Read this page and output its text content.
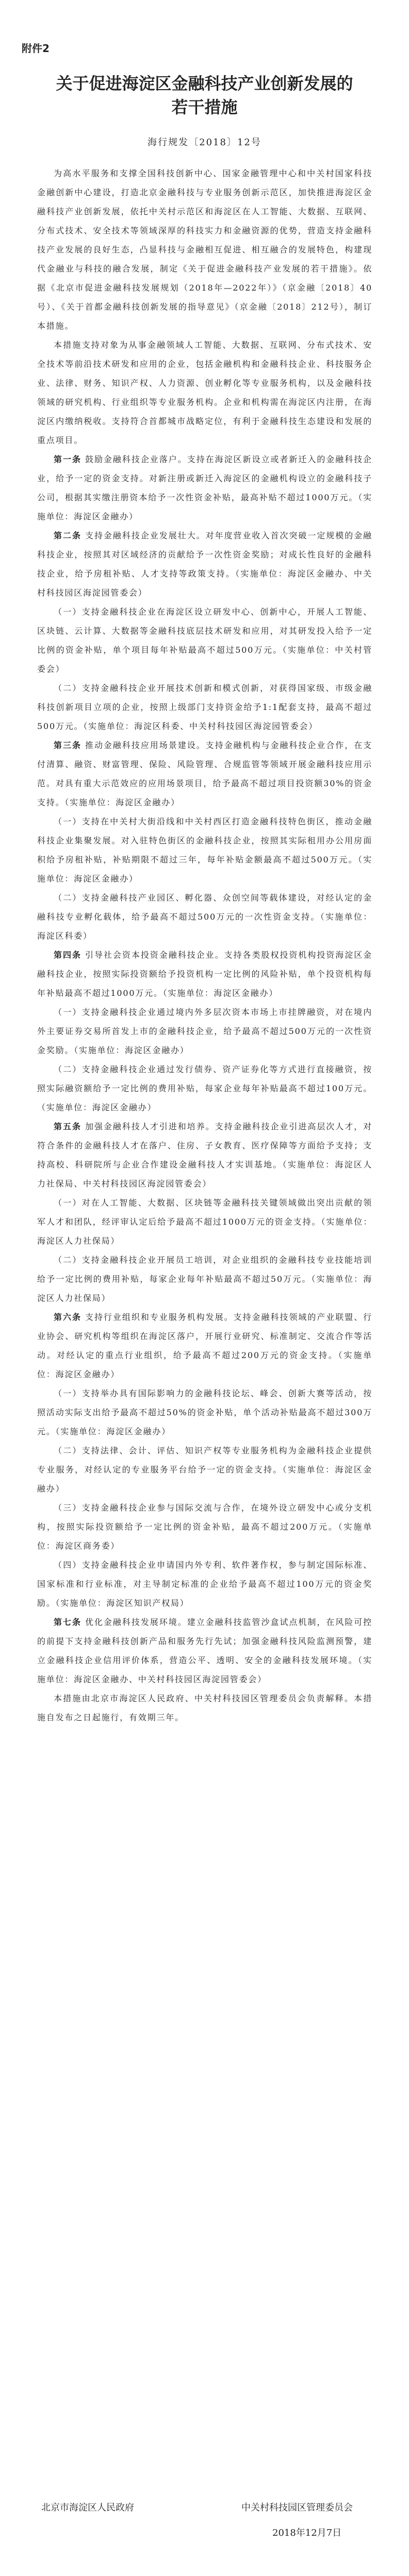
附件2
关于促进海淀区金融科技产业创新发展的
若干措施
海行规发〔2018〕12号

为高水平服务和支撑全国科技创新中心、国家金融管理中心和中关村国家科技金融创新中心建设，打造北京金融科技与专业服务创新示范区，加快推进海淀区金融科技产业创新发展，依托中关村示范区和海淀区在人工智能、大数据、互联网、分布式技术、安全技术等领域深厚的科技实力和金融资源的优势，营造支持金融科技产业发展的良好生态，凸显科技与金融相互促进、相互融合的发展特色，构建现代金融业与科技的融合发展，制定《关于促进金融科技产业发展的若干措施》。依据《北京市促进金融科技发展规划（2018年—2022年）》（京金融〔2018〕40号）、《关于首都金融科技创新发展的指导意见》（京金融〔2018〕212号），制订本措施。

本措施支持对象为从事金融领域人工智能、大数据、互联网、分布式技术、安全技术等前沿技术研发和应用的企业，包括金融机构和金融科技企业、科技服务企业、法律、财务、知识产权、人力资源、创业孵化等专业服务机构，以及金融科技领域的研究机构、行业组织等专业服务机构。企业和机构需在海淀区内注册，在海淀区内缴纳税收。支持符合首都城市战略定位，有利于金融科技生态建设和发展的重点项目。

第一条 鼓励金融科技企业落户。支持在海淀区新设立或者新迁入的金融科技企业，给予一定的资金支持。对新注册或新迁入海淀区的金融机构设立的金融科技子公司，根据其实缴注册资本给予一次性资金补贴，最高补贴不超过1000万元。（实施单位：海淀区金融办）

第二条 支持金融科技企业发展壮大。对年度营业收入首次突破一定规模的金融科技企业，按照其对区域经济的贡献给予一次性资金奖励；对成长性良好的金融科技企业，给予房租补贴、人才支持等政策支持。（实施单位：海淀区金融办、中关村科技园区海淀园管委会）

（一）支持金融科技企业在海淀区设立研发中心、创新中心，开展人工智能、区块链、云计算、大数据等金融科技底层技术研发和应用，对其研发投入给予一定比例的资金补贴，单个项目每年补贴最高不超过500万元。（实施单位：中关村管委会）

（二）支持金融科技企业开展技术创新和模式创新，对获得国家级、市级金融科技创新项目立项的企业，按照上级部门支持资金给予1:1配套支持，最高不超过500万元。（实施单位：海淀区科委、中关村科技园区海淀园管委会）

第三条 推动金融科技应用场景建设。支持金融机构与金融科技企业合作，在支付清算、融资、财富管理、保险、风险管理、合规监管等领域开展金融科技应用示范。对具有重大示范效应的应用场景项目，给予最高不超过项目投资额30%的资金支持。（实施单位：海淀区金融办）

（一）支持在中关村大街沿线和中关村西区打造金融科技特色街区，推动金融科技企业集聚发展。对入驻特色街区的金融科技企业，按照其实际租用办公用房面积给予房租补贴，补贴期限不超过三年，每年补贴金额最高不超过500万元。（实施单位：海淀区金融办）

（二）支持金融科技产业园区、孵化器、众创空间等载体建设，对经认定的金融科技专业孵化载体，给予最高不超过500万元的一次性资金支持。（实施单位：海淀区科委）

第四条 引导社会资本投资金融科技企业。支持各类股权投资机构投资海淀区金融科技企业，按照实际投资额给予投资机构一定比例的风险补贴，单个投资机构每年补贴最高不超过1000万元。（实施单位：海淀区金融办）

（一）支持金融科技企业通过境内外多层次资本市场上市挂牌融资，对在境内外主要证券交易所首发上市的金融科技企业，给予最高不超过500万元的一次性资金奖励。（实施单位：海淀区金融办）

（二）支持金融科技企业通过发行债券、资产证券化等方式进行直接融资，按照实际融资额给予一定比例的费用补贴，每家企业每年补贴最高不超过100万元。（实施单位：海淀区金融办）

第五条 加强金融科技人才引进和培养。支持金融科技企业引进高层次人才，对符合条件的金融科技人才在落户、住房、子女教育、医疗保障等方面给予支持；支持高校、科研院所与企业合作建设金融科技人才实训基地。（实施单位：海淀区人力社保局、中关村科技园区海淀园管委会）

（一）对在人工智能、大数据、区块链等金融科技关键领域做出突出贡献的领军人才和团队，经评审认定后给予最高不超过1000万元的资金支持。（实施单位：海淀区人力社保局）

（二）支持金融科技企业开展员工培训，对企业组织的金融科技专业技能培训给予一定比例的费用补贴，每家企业每年补贴最高不超过50万元。（实施单位：海淀区人力社保局）

第六条 支持行业组织和专业服务机构发展。支持金融科技领域的产业联盟、行业协会、研究机构等组织在海淀区落户，开展行业研究、标准制定、交流合作等活动。对经认定的重点行业组织，给予最高不超过200万元的资金支持。（实施单位：海淀区金融办）

（一）支持举办具有国际影响力的金融科技论坛、峰会、创新大赛等活动，按照活动实际支出给予最高不超过50%的资金补贴，单个活动补贴最高不超过300万元。（实施单位：海淀区金融办）

（二）支持法律、会计、评估、知识产权等专业服务机构为金融科技企业提供专业服务，对经认定的专业服务平台给予一定的资金支持。（实施单位：海淀区金融办）

（三）支持金融科技企业参与国际交流与合作，在境外设立研发中心或分支机构，按照实际投资额给予一定比例的资金补贴，最高不超过200万元。（实施单位：海淀区商务委）

（四）支持金融科技企业申请国内外专利、软件著作权，参与制定国际标准、国家标准和行业标准，对主导制定标准的企业给予最高不超过100万元的资金奖励。（实施单位：海淀区知识产权局）

第七条 优化金融科技发展环境。建立金融科技监管沙盒试点机制，在风险可控的前提下支持金融科技创新产品和服务先行先试；加强金融科技风险监测预警，建立金融科技企业信用评价体系，营造公平、透明、安全的金融科技发展环境。（实施单位：海淀区金融办、中关村科技园区海淀园管委会）

本措施由北京市海淀区人民政府、中关村科技园区管理委员会负责解释。本措施自发布之日起施行，有效期三年。

北京市海淀区人民政府	中关村科技园区管理委员会
2018年12月7日
